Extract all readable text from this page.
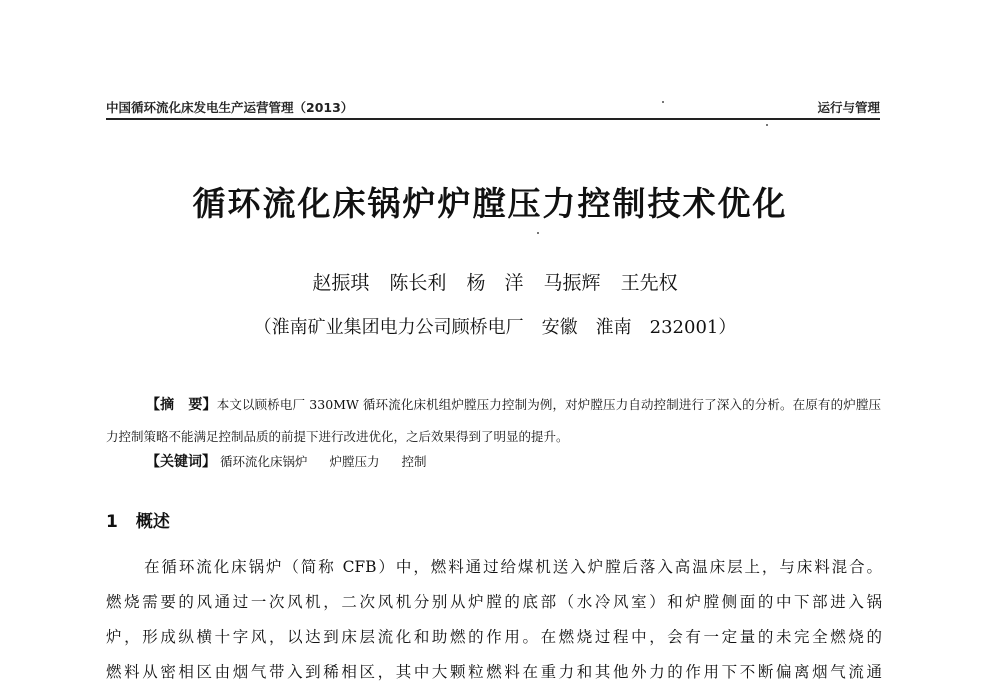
中国循环流化床发电生产运营管理（2013）	运行与管理
循环流化床锅炉炉膛压力控制技术优化
赵振琪 陈长利 杨　洋 马振辉 王先权
（淮南矿业集团电力公司顾桥电厂　安徽　淮南　232001）

【摘　要】本文以顾桥电厂 330MW 循环流化床机组炉膛压力控制为例，对炉膛压力自动控制进行了深入的分析。在原有的炉膛压力控制策略不能满足控制品质的前提下进行改进优化，之后效果得到了明显的提升。

【关键词】 循环流化床锅炉 炉膛压力 控制
1 概述
在循环流化床锅炉（简称 CFB）中，燃料通过给煤机送入炉膛后落入高温床层上，与床料混合。
燃烧需要的风通过一次风机，二次风机分别从炉膛的底部（水冷风室）和炉膛侧面的中下部进入锅
炉，形成纵横十字风，以达到床层流化和助燃的作用。在燃烧过程中，会有一定量的未完全燃烧的
燃料从密相区由烟气带入到稀相区，其中大颗粒燃料在重力和其他外力的作用下不断偏离烟气流通
